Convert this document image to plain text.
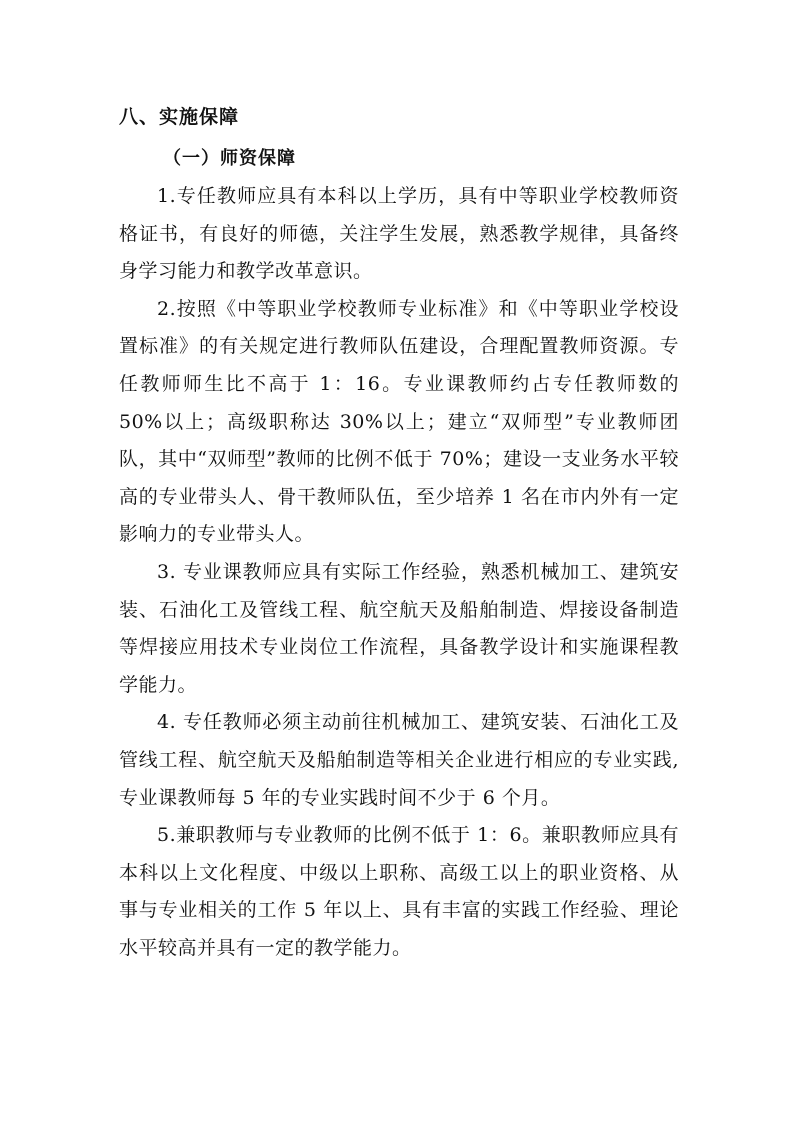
八、实施保障
（一）师资保障

1.专任教师应具有本科以上学历，具有中等职业学校教师资格证书，有良好的师德，关注学生发展，熟悉教学规律，具备终身学习能力和教学改革意识。

2.按照《中等职业学校教师专业标准》和《中等职业学校设置标准》的有关规定进行教师队伍建设，合理配置教师资源。专任教师师生比不高于 1：16。专业课教师约占专任教师数的 50%以上；高级职称达 30%以上；建立“双师型”专业教师团队，其中“双师型”教师的比例不低于 70%；建设一支业务水平较高的专业带头人、骨干教师队伍，至少培养 1 名在市内外有一定影响力的专业带头人。

3. 专业课教师应具有实际工作经验，熟悉机械加工、建筑安装、石油化工及管线工程、航空航天及船舶制造、焊接设备制造等焊接应用技术专业岗位工作流程，具备教学设计和实施课程教学能力。

4. 专任教师必须主动前往机械加工、建筑安装、石油化工及管线工程、航空航天及船舶制造等相关企业进行相应的专业实践,专业课教师每 5 年的专业实践时间不少于 6 个月。

5.兼职教师与专业教师的比例不低于 1：6。兼职教师应具有本科以上文化程度、中级以上职称、高级工以上的职业资格、从事与专业相关的工作 5 年以上、具有丰富的实践工作经验、理论水平较高并具有一定的教学能力。
